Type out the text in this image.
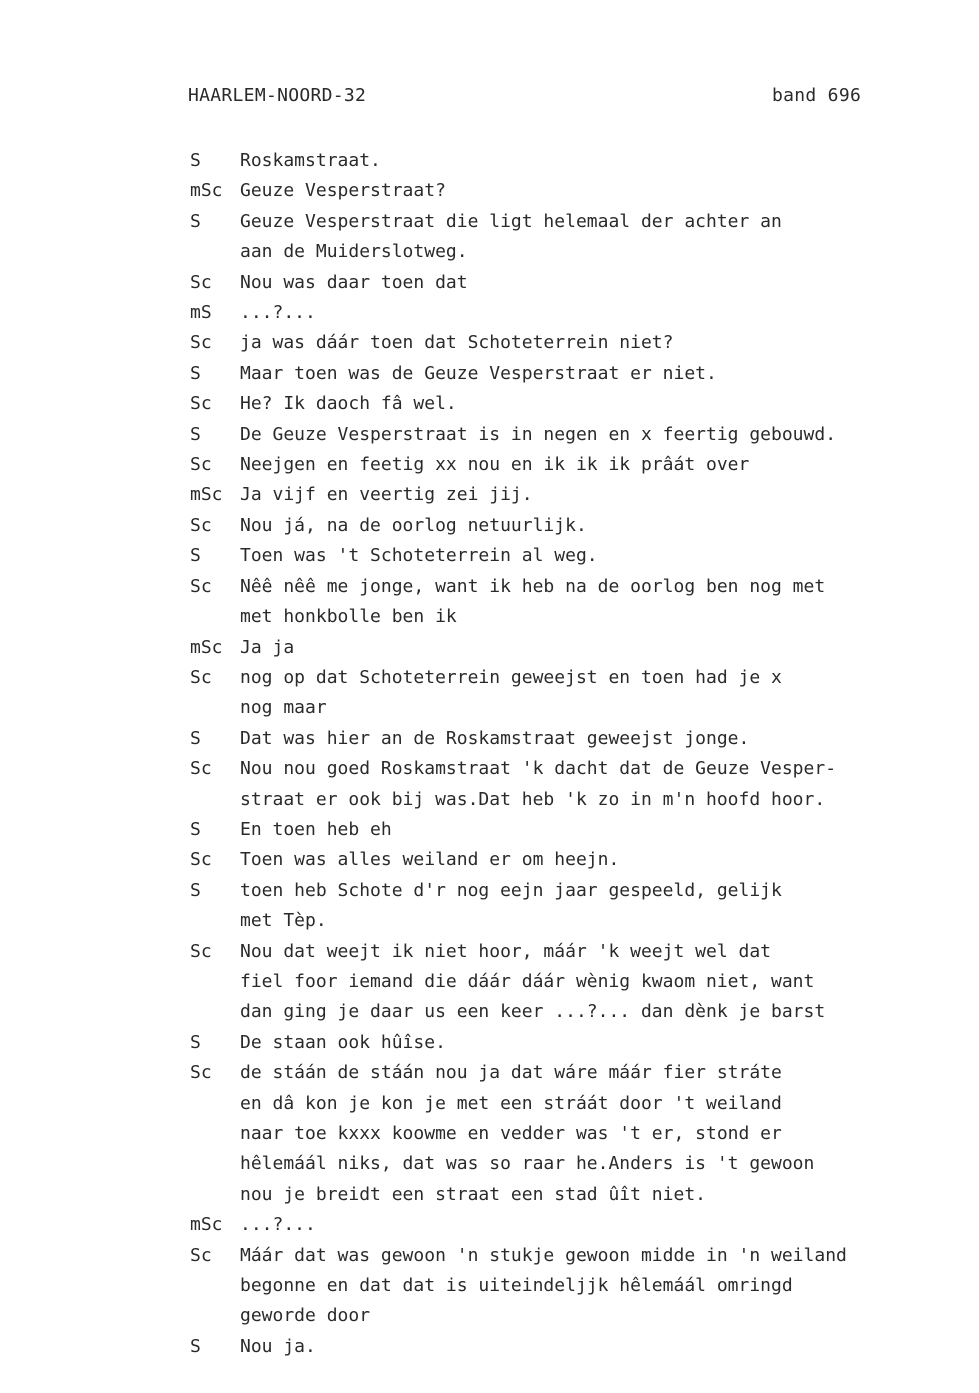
HAARLEM-NOORD-32	band 696
S	Roskamstraat.
mSc Geuze Vesperstraat?
S	Geuze Vesperstraat die ligt helemaal der achter an
aan de Muiderslotweg.
Sc	Nou was daar toen dat
mS	...?...
Sc	ja was dáár toen dat Schoteterrein niet?
S	Maar toen was de Geuze Vesperstraat er niet.
Sc	He? Ik daoch fâ wel.
S	De Geuze Vesperstraat is in negen en x feertig gebouwd.
Sc	Neejgen en feetig xx nou en ik ik ik prâát over
mSc Ja vijf en veertig zei jij.
Sc	Nou já, na de oorlog netuurlijk.
S	Toen was 't Schoteterrein al weg.
Sc	Nêê nêê me jonge, want ik heb na de oorlog ben nog met
met honkbolle ben ik
mSc Ja ja
Sc	nog op dat Schoteterrein geweejst en toen had je x
nog maar
S	Dat was hier an de Roskamstraat geweejst jonge.
Sc	Nou nou goed Roskamstraat 'k dacht dat de Geuze Vesper-
straat er ook bij was.Dat heb 'k zo in m'n hoofd hoor.
S	En toen heb eh
Sc	Toen was alles weiland er om heejn.
S	toen heb Schote d'r nog eejn jaar gespeeld, gelijk
met Tèp.
Sc	Nou dat weejt ik niet hoor, máár 'k weejt wel dat
fiel foor iemand die dáár dáár wènig kwaom niet, want
dan ging je daar us een keer ...?... dan dènk je barst
S	De staan ook hûîse.
Sc	de stáán de stáán nou ja dat wáre máár fier stráte
en dâ kon je kon je met een stráát door 't weiland
naar toe kxxx koowme en vedder was 't er, stond er
hêlemáál niks, dat was so raar he.Anders is 't gewoon
nou je breidt een straat een stad ûît niet.
mSc ...?...
Sc	Máár dat was gewoon 'n stukje gewoon midde in 'n weiland
begonne en dat dat is uiteindeljjk hêlemáál omringd
geworde door
S	Nou ja.
